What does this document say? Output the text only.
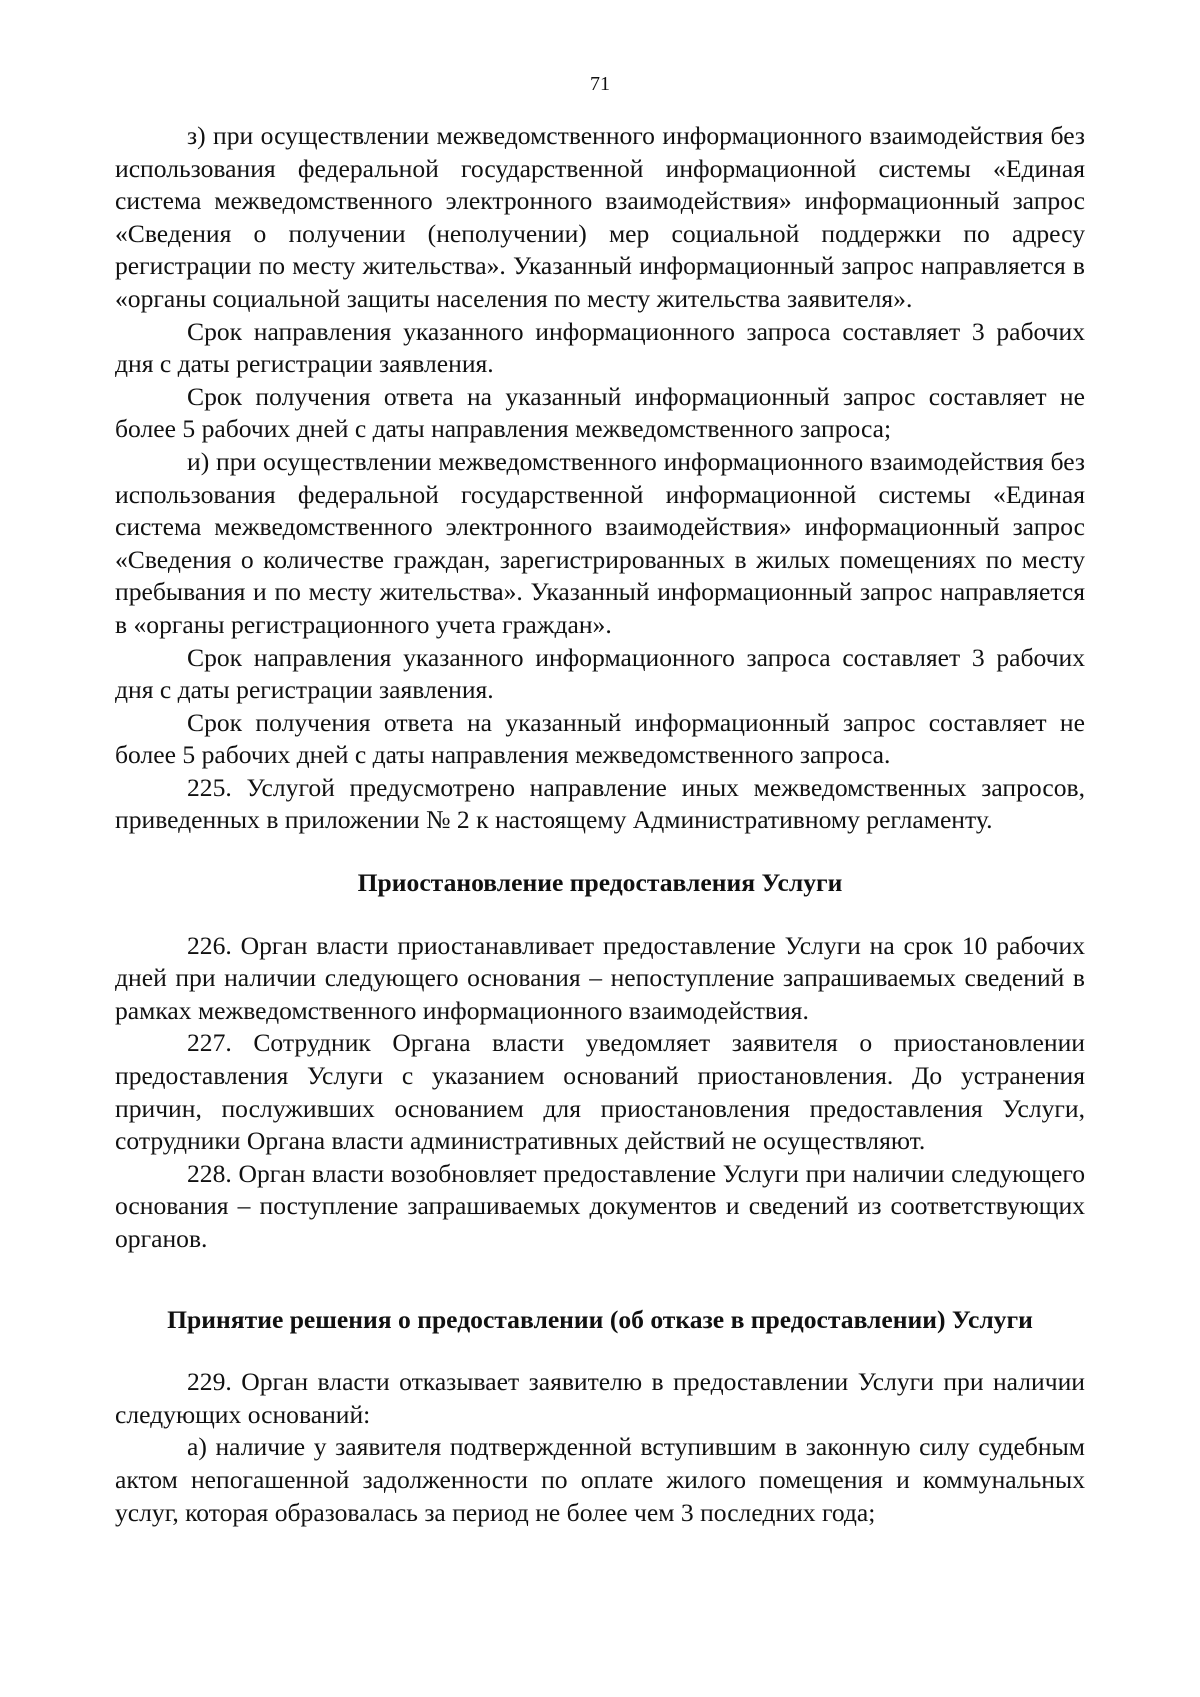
71

з) при осуществлении межведомственного информационного взаимодействия без использования федеральной государственной информационной системы «Единая система межведомственного электронного взаимодействия» информационный запрос «Сведения о получении (неполучении) мер социальной поддержки по адресу регистрации по месту жительства». Указанный информационный запрос направляется в «органы социальной защиты населения по месту жительства заявителя».

Срок направления указанного информационного запроса составляет 3 рабочих дня с даты регистрации заявления.

Срок получения ответа на указанный информационный запрос составляет не более 5 рабочих дней с даты направления межведомственного запроса;

и) при осуществлении межведомственного информационного взаимодействия без использования федеральной государственной информационной системы «Единая система межведомственного электронного взаимодействия» информационный запрос «Сведения о количестве граждан, зарегистрированных в жилых помещениях по месту пребывания и по месту жительства». Указанный информационный запрос направляется в «органы регистрационного учета граждан».

Срок направления указанного информационного запроса составляет 3 рабочих дня с даты регистрации заявления.

Срок получения ответа на указанный информационный запрос составляет не более 5 рабочих дней с даты направления межведомственного запроса.

225. Услугой предусмотрено направление иных межведомственных запросов, приведенных в приложении № 2 к настоящему Административному регламенту.

Приостановление предоставления Услуги

226. Орган власти приостанавливает предоставление Услуги на срок 10 рабочих дней при наличии следующего основания – непоступление запрашиваемых сведений в рамках межведомственного информационного взаимодействия.

227. Сотрудник Органа власти уведомляет заявителя о приостановлении предоставления Услуги с указанием оснований приостановления. До устранения причин, послуживших основанием для приостановления предоставления Услуги, сотрудники Органа власти административных действий не осуществляют.

228. Орган власти возобновляет предоставление Услуги при наличии следующего основания – поступление запрашиваемых документов и сведений из соответствующих органов.

Принятие решения о предоставлении (об отказе в предоставлении) Услуги

229. Орган власти отказывает заявителю в предоставлении Услуги при наличии следующих оснований:

а) наличие у заявителя подтвержденной вступившим в законную силу судебным актом непогашенной задолженности по оплате жилого помещения и коммунальных услуг, которая образовалась за период не более чем 3 последних года;
